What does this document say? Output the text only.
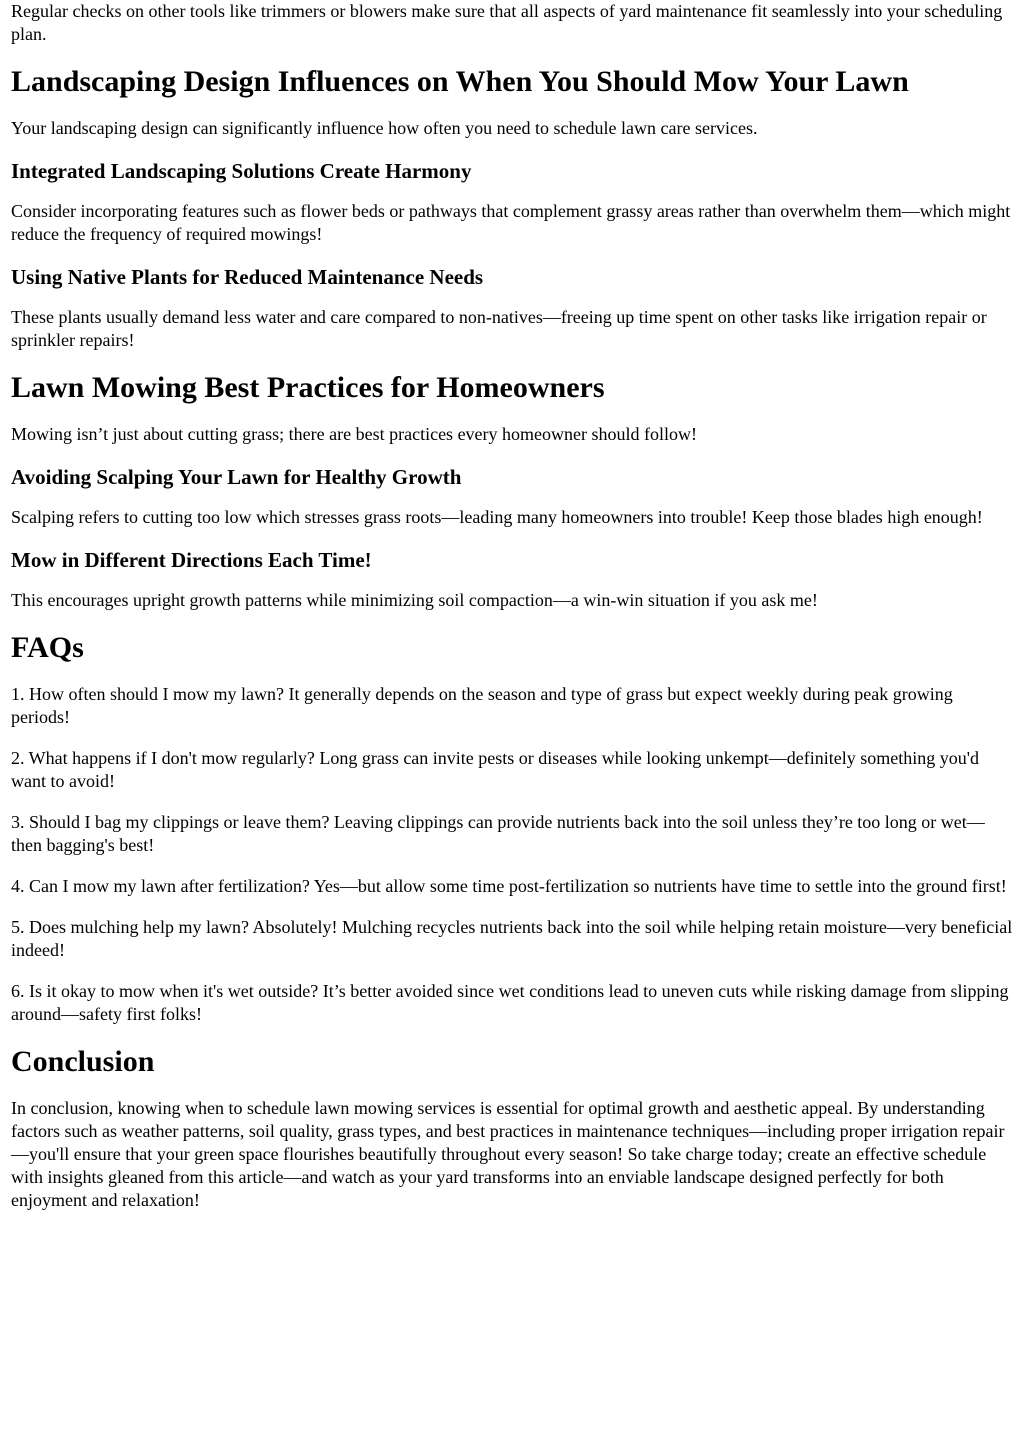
Regular checks on other tools like trimmers or blowers make sure that all aspects of yard maintenance fit seamlessly into your scheduling plan.

Landscaping Design Influences on When You Should Mow Your Lawn

Your landscaping design can significantly influence how often you need to schedule lawn care services.

Integrated Landscaping Solutions Create Harmony

Consider incorporating features such as flower beds or pathways that complement grassy areas rather than overwhelm them—which might reduce the frequency of required mowings!

Using Native Plants for Reduced Maintenance Needs

These plants usually demand less water and care compared to non-natives—freeing up time spent on other tasks like irrigation repair or sprinkler repairs!

Lawn Mowing Best Practices for Homeowners

Mowing isn’t just about cutting grass; there are best practices every homeowner should follow!

Avoiding Scalping Your Lawn for Healthy Growth

Scalping refers to cutting too low which stresses grass roots—leading many homeowners into trouble! Keep those blades high enough!

Mow in Different Directions Each Time!

This encourages upright growth patterns while minimizing soil compaction—a win-win situation if you ask me!

FAQs

1. How often should I mow my lawn? It generally depends on the season and type of grass but expect weekly during peak growing periods!

2. What happens if I don't mow regularly? Long grass can invite pests or diseases while looking unkempt—definitely something you'd want to avoid!

3. Should I bag my clippings or leave them? Leaving clippings can provide nutrients back into the soil unless they’re too long or wet—then bagging's best!

4. Can I mow my lawn after fertilization? Yes—but allow some time post-fertilization so nutrients have time to settle into the ground first!

5. Does mulching help my lawn? Absolutely! Mulching recycles nutrients back into the soil while helping retain moisture—very beneficial indeed!

6. Is it okay to mow when it's wet outside? It’s better avoided since wet conditions lead to uneven cuts while risking damage from slipping around—safety first folks!

Conclusion

In conclusion, knowing when to schedule lawn mowing services is essential for optimal growth and aesthetic appeal. By understanding factors such as weather patterns, soil quality, grass types, and best practices in maintenance techniques—including proper irrigation repair—you'll ensure that your green space flourishes beautifully throughout every season! So take charge today; create an effective schedule with insights gleaned from this article—and watch as your yard transforms into an enviable landscape designed perfectly for both enjoyment and relaxation!
